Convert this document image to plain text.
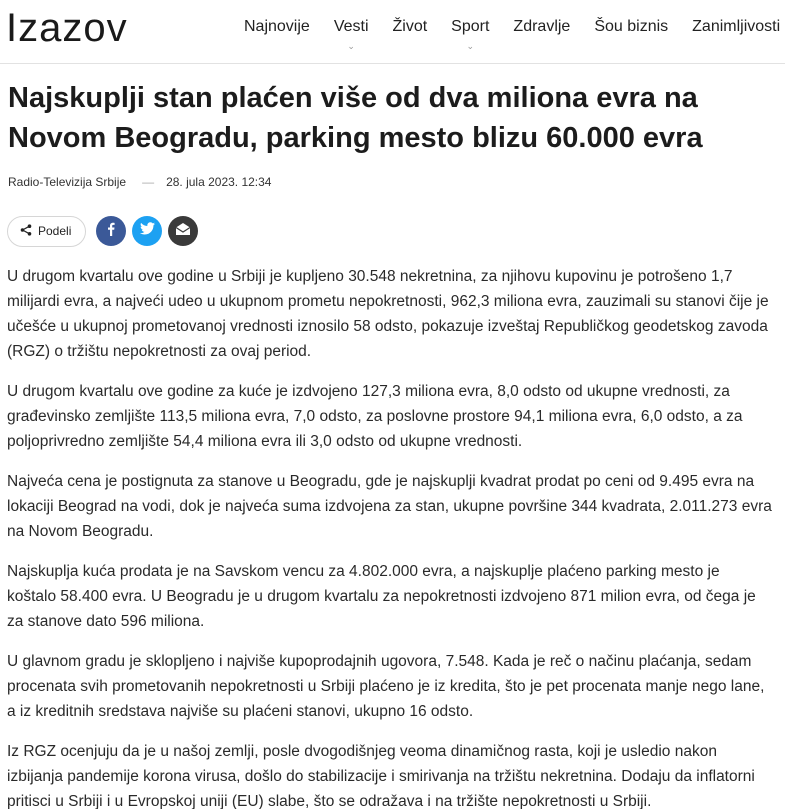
Izazov	Najnovije	Vesti
⌄
Život	Sport
⌄
Zdravlje	Šou biznis	Zanimljivosti
Najskuplji stan plaćen više od dva miliona evra na Novom Beogradu, parking mesto blizu 60.000 evra
Radio-Televizija Srbije — 28. jula 2023. 12:34
Podeli

U drugom kvartalu ove godine u Srbiji je kupljeno 30.548 nekretnina, za njihovu kupovinu je potrošeno 1,7 milijardi evra, a najveći udeo u ukupnom prometu nepokretnosti, 962,3 miliona evra, zauzimali su stanovi čije je učešće u ukupnoj prometovanoj vrednosti iznosilo 58 odsto, pokazuje izveštaj Republičkog geodetskog zavoda (RGZ) o tržištu nepokretnosti za ovaj period.

U drugom kvartalu ove godine za kuće je izdvojeno 127,3 miliona evra, 8,0 odsto od ukupne vrednosti, za građevinsko zemljište 113,5 miliona evra, 7,0 odsto, za poslovne prostore 94,1 miliona evra, 6,0 odsto, a za poljoprivredno zemljište 54,4 miliona evra ili 3,0 odsto od ukupne vrednosti.

Najveća cena je postignuta za stanove u Beogradu, gde je najskuplji kvadrat prodat po ceni od 9.495 evra na lokaciji Beograd na vodi, dok je najveća suma izdvojena za stan, ukupne površine 344 kvadrata, 2.011.273 evra na Novom Beogradu.

Najskuplja kuća prodata je na Savskom vencu za 4.802.000 evra, a najskuplje plaćeno parking mesto je koštalo 58.400 evra. U Beogradu je u drugom kvartalu za nepokretnosti izdvojeno 871 milion evra, od čega je za stanove dato 596 miliona.

U glavnom gradu je sklopljeno i najviše kupoprodajnih ugovora, 7.548. Kada je reč o načinu plaćanja, sedam procenata svih prometovanih nepokretnosti u Srbiji plaćeno je iz kredita, što je pet procenata manje nego lane, a iz kreditnih sredstava najviše su plaćeni stanovi, ukupno 16 odsto.

Iz RGZ ocenjuju da je u našoj zemlji, posle dvogodišnjeg veoma dinamičnog rasta, koji je usledio nakon izbijanja pandemije korona virusa, došlo do stabilizacije i smirivanja na tržištu nekretnina. Dodaju da inflatorni pritisci u Srbiji i u Evropskoj uniji (EU) slabe, što se odražava i na tržište nepokretnosti u Srbiji.
